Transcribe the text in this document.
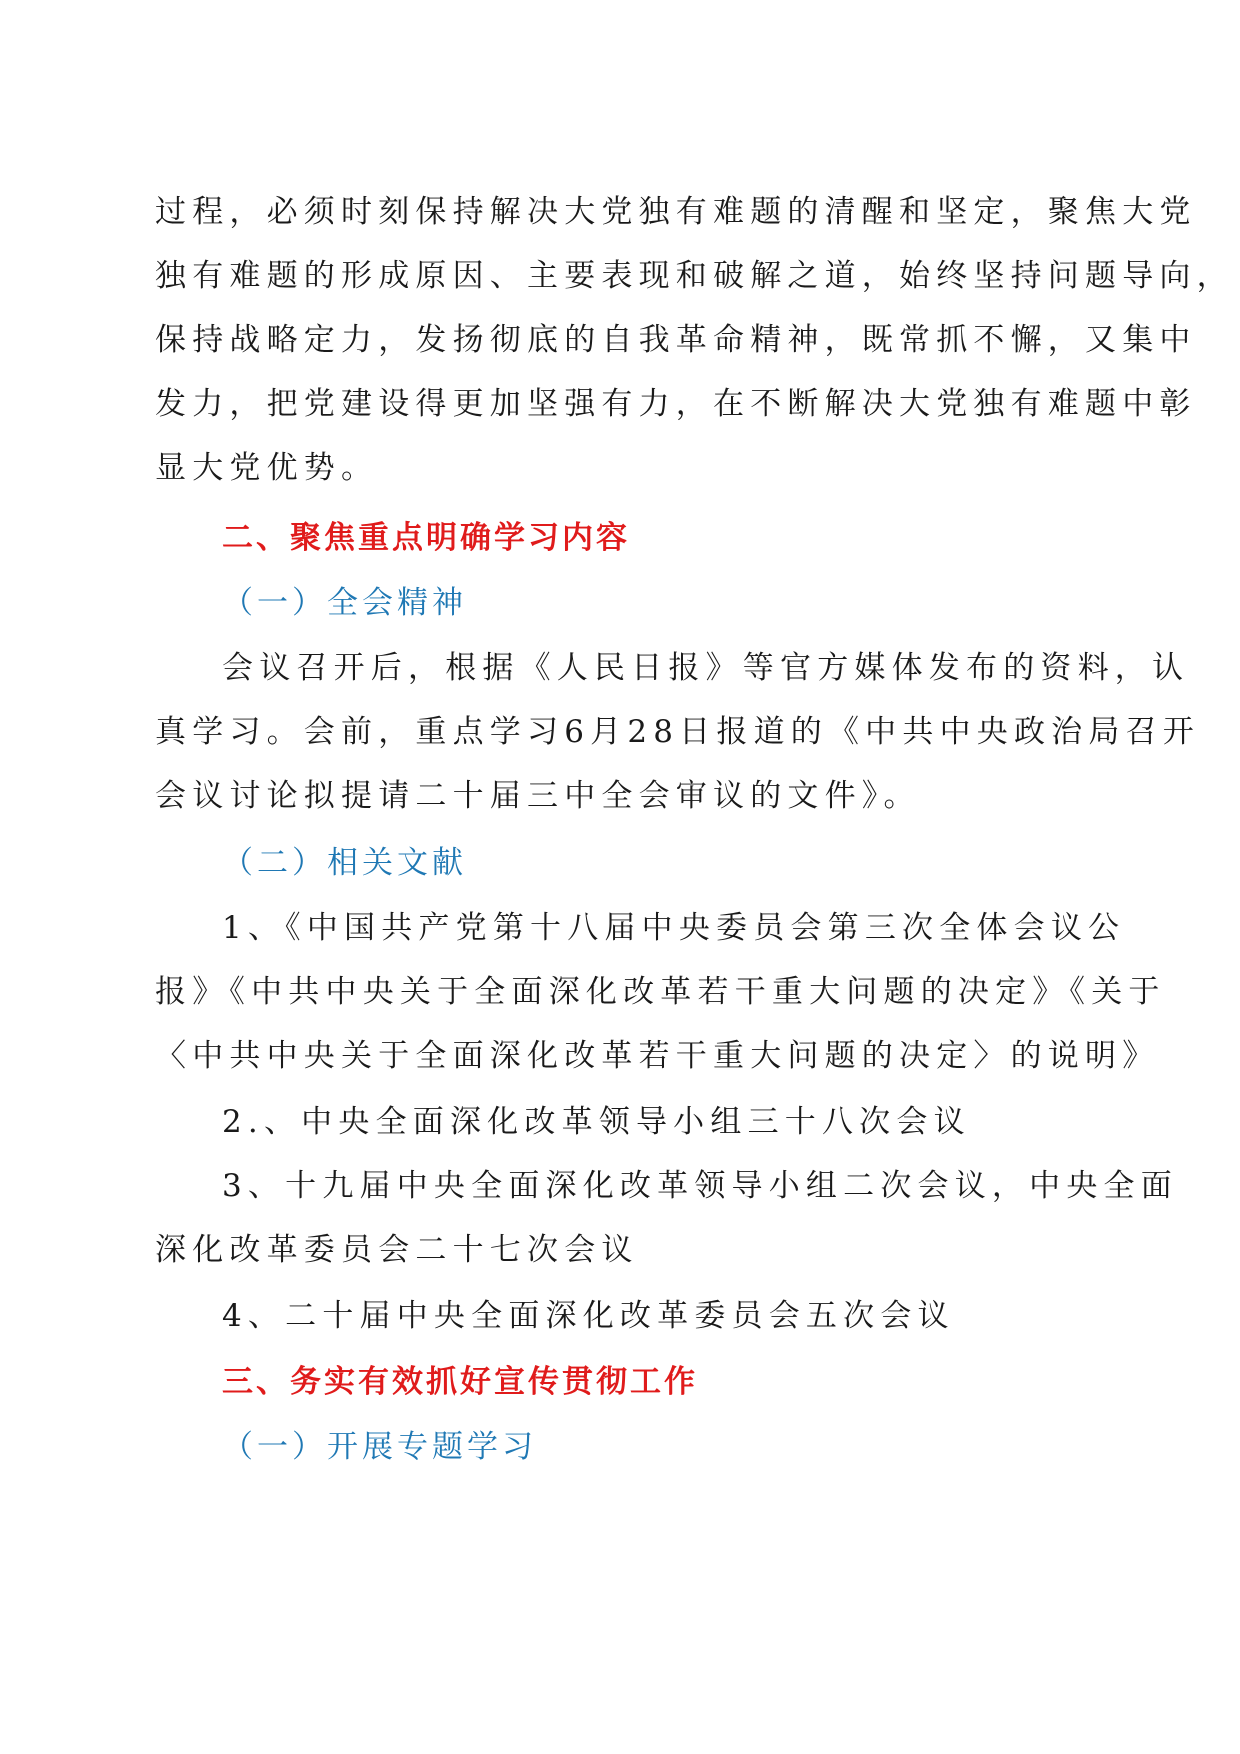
过程，必须时刻保持解决大党独有难题的清醒和坚定，聚焦大党
独有难题的形成原因、主要表现和破解之道，始终坚持问题导向，
保持战略定力，发扬彻底的自我革命精神，既常抓不懈，又集中
发力，把党建设得更加坚强有力，在不断解决大党独有难题中彰
显大党优势。
二、聚焦重点明确学习内容
（一）全会精神
会议召开后，根据《人民日报》等官方媒体发布的资料，认
真学习。会前，重点学习6月28日报道的《中共中央政治局召开
会议讨论拟提请二十届三中全会审议的文件》。
（二）相关文献
1、《中国共产党第十八届中央委员会第三次全体会议公
报》《中共中央关于全面深化改革若干重大问题的决定》《关于
〈中共中央关于全面深化改革若干重大问题的决定〉的说明》
2.、中央全面深化改革领导小组三十八次会议
3、十九届中央全面深化改革领导小组二次会议，中央全面
深化改革委员会二十七次会议
4、二十届中央全面深化改革委员会五次会议
三、务实有效抓好宣传贯彻工作
（一）开展专题学习
